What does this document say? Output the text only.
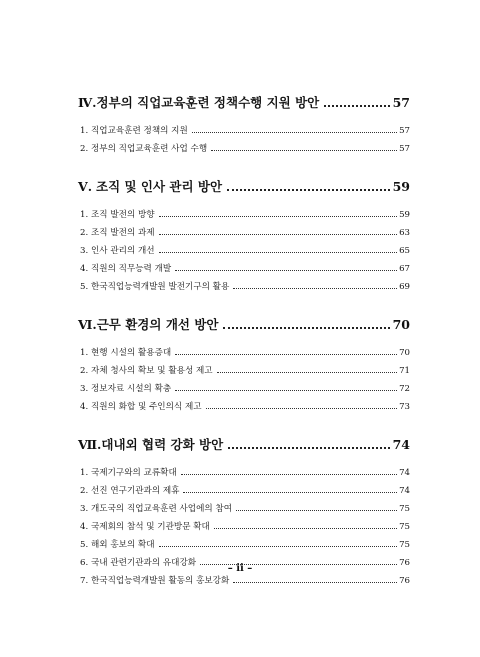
Ⅳ. 정부의 직업교육훈련 정책수행 지원 방안	57
1. 직업교육훈련 정책의 지원	57
2. 정부의 직업교육훈련 사업 수행	57
Ⅴ. 조직 및 인사 관리 방안	59
1. 조직 발전의 방향	59
2. 조직 발전의 과제	63
3. 인사 관리의 개선	65
4. 직원의 직무능력 개발	67
5. 한국직업능력개발원 발전기구의 활용	69
Ⅵ. 근무 환경의 개선 방안	70
1. 현행 시설의 활용증대	70
2. 자체 청사의 확보 및 활용성 제고	71
3. 정보자료 시설의 확충	72
4. 직원의 화합 및 주인의식 제고	73
Ⅶ. 대내외 협력 강화 방안	74
1. 국제기구와의 교류확대	74
2. 선진 연구기관과의 제휴	74
3. 개도국의 직업교육훈련 사업에의 참여	75
4. 국제회의 참석 및 기관방문 확대	75
5. 해외 홍보의 확대	75
6. 국내 관련기관과의 유대강화	76
7. 한국직업능력개발원 활동의 홍보강화	76
– ii –
